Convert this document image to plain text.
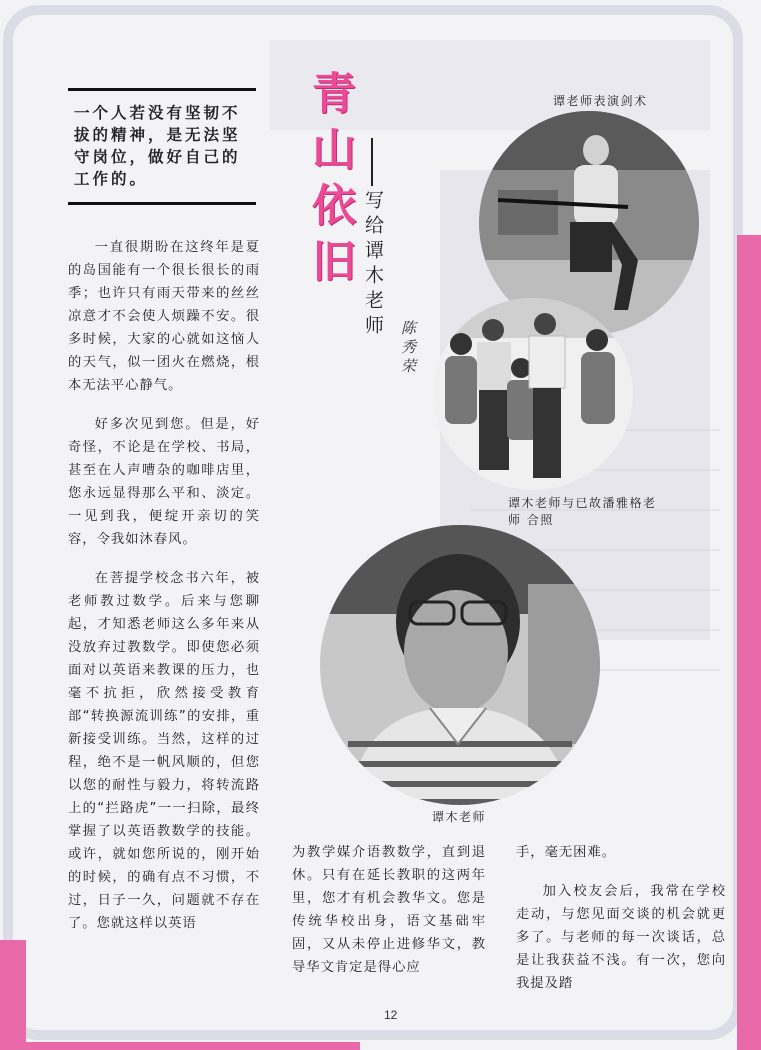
一个人若没有坚韧不拔的精神，是无法坚守岗位，做好自己的工作的。	青山依旧 写给谭木老师
陈秀荣
谭老师表演剑术
谭木老师与已故潘雅格老师 合照
谭木老师

一直很期盼在这终年是夏的岛国能有一个很长很长的雨季；也许只有雨天带来的丝丝凉意才不会使人烦躁不安。很多时候，大家的心就如这恼人的天气，似一团火在燃烧，根本无法平心静气。

好多次见到您。但是，好奇怪，不论是在学校、书局，甚至在人声嘈杂的咖啡店里，您永远显得那么平和、淡定。一见到我，便绽开亲切的笑容，令我如沐春风。

在菩提学校念书六年，被老师教过数学。后来与您聊起，才知悉老师这么多年来从没放弃过教数学。即使您必须面对以英语来教课的压力，也毫不抗拒，欣然接受教育部“转换源流训练”的安排，重新接受训练。当然，这样的过程，绝不是一帆风顺的，但您以您的耐性与毅力，将转流路上的“拦路虎”一一扫除，最终掌握了以英语教数学的技能。或许，就如您所说的，刚开始的时候，的确有点不习惯，不过，日子一久，问题就不存在了。您就这样以英语

为教学媒介语教数学，直到退休。只有在延长教职的这两年里，您才有机会教华文。您是传统华校出身，语文基础牢固，又从未停止进修华文，教导华文肯定是得心应

手，毫无困难。

加入校友会后，我常在学校走动，与您见面交谈的机会就更多了。与老师的每一次谈话，总是让我获益不浅。有一次，您向我提及踏

12
